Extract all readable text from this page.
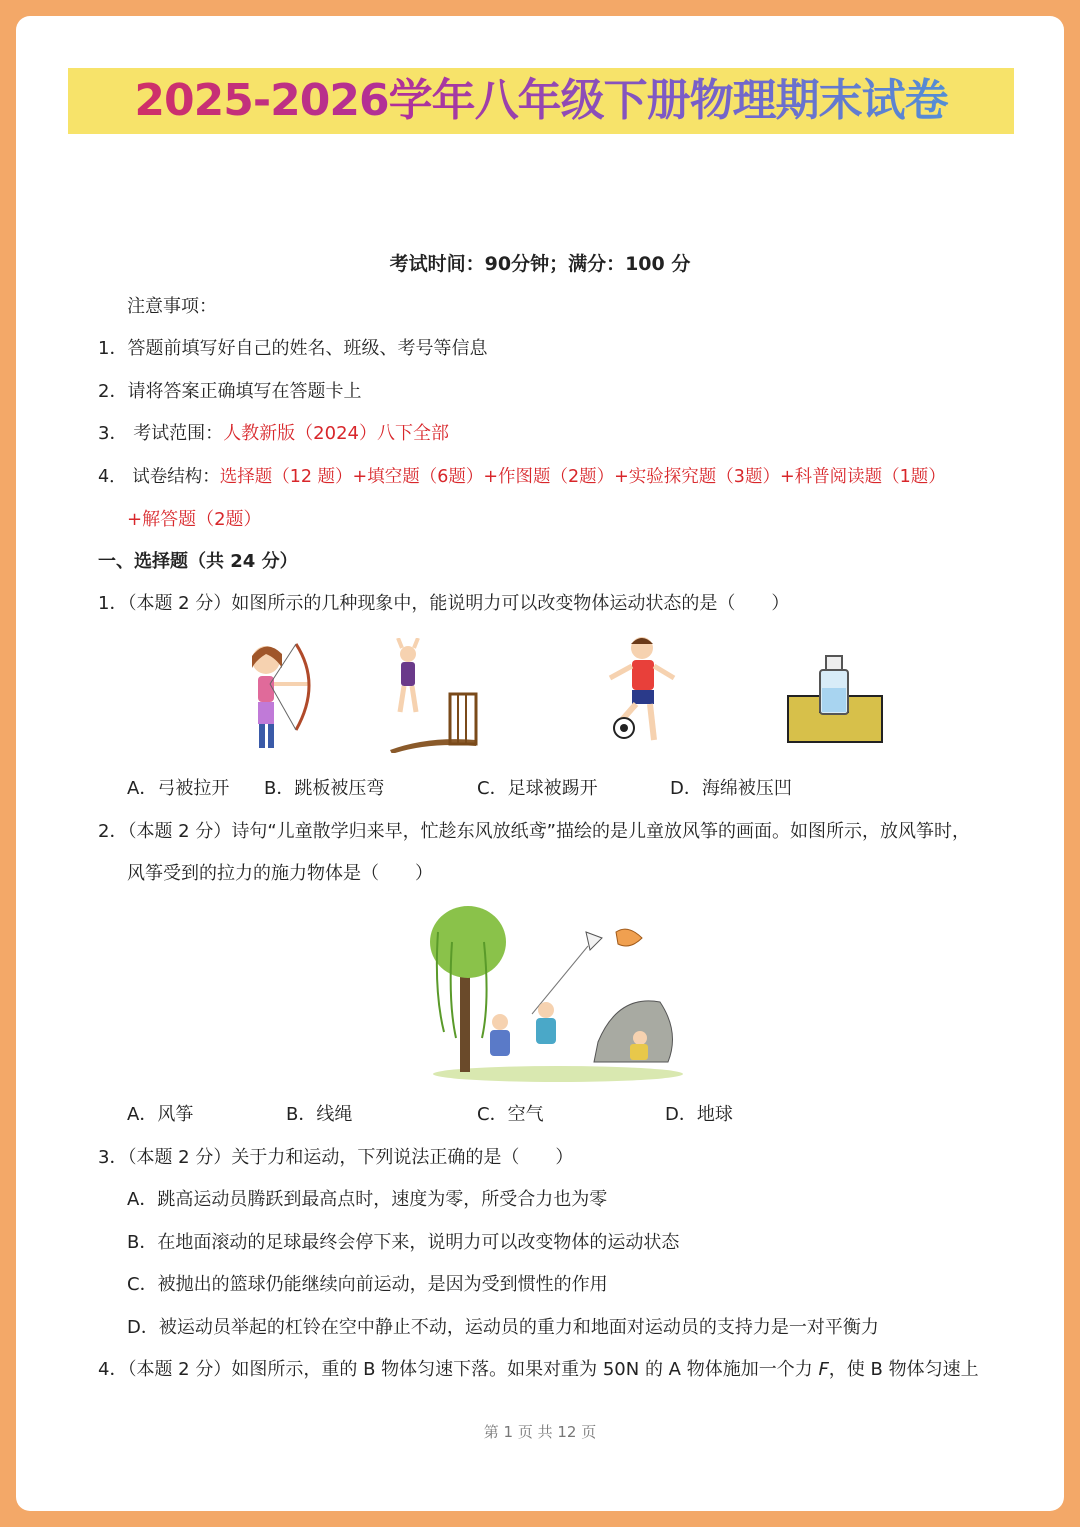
2025-2026学年八年级下册物理期末试卷
考试时间：90分钟；满分：100 分
注意事项：
1．答题前填写好自己的姓名、班级、考号等信息
2．请将答案正确填写在答题卡上
3． 考试范围：人教新版（2024）八下全部
4． 试卷结构：选择题（12 题）+填空题（6题）+作图题（2题）+实验探究题（3题）+科普阅读题（1题）
+解答题（2题）
一、选择题（共 24 分）
1．（本题 2 分）如图所示的几种现象中，能说明力可以改变物体运动状态的是（　　）
A．弓被拉开 B．跳板被压弯	C．足球被踢开	D．海绵被压凹
2．（本题 2 分）诗句“儿童散学归来早，忙趁东风放纸鸢”描绘的是儿童放风筝的画面。如图所示，放风筝时，
风筝受到的拉力的施力物体是（　　）
A．风筝	B．线绳	C．空气	D．地球
3．（本题 2 分）关于力和运动，下列说法正确的是（　　）
A．跳高运动员腾跃到最高点时，速度为零，所受合力也为零
B．在地面滚动的足球最终会停下来，说明力可以改变物体的运动状态
C．被抛出的篮球仍能继续向前运动，是因为受到惯性的作用
D．被运动员举起的杠铃在空中静止不动，运动员的重力和地面对运动员的支持力是一对平衡力
4．（本题 2 分）如图所示，重的 B 物体匀速下落。如果对重为 50N 的 A 物体施加一个力 F，使 B 物体匀速上
第 1 页 共 12 页
